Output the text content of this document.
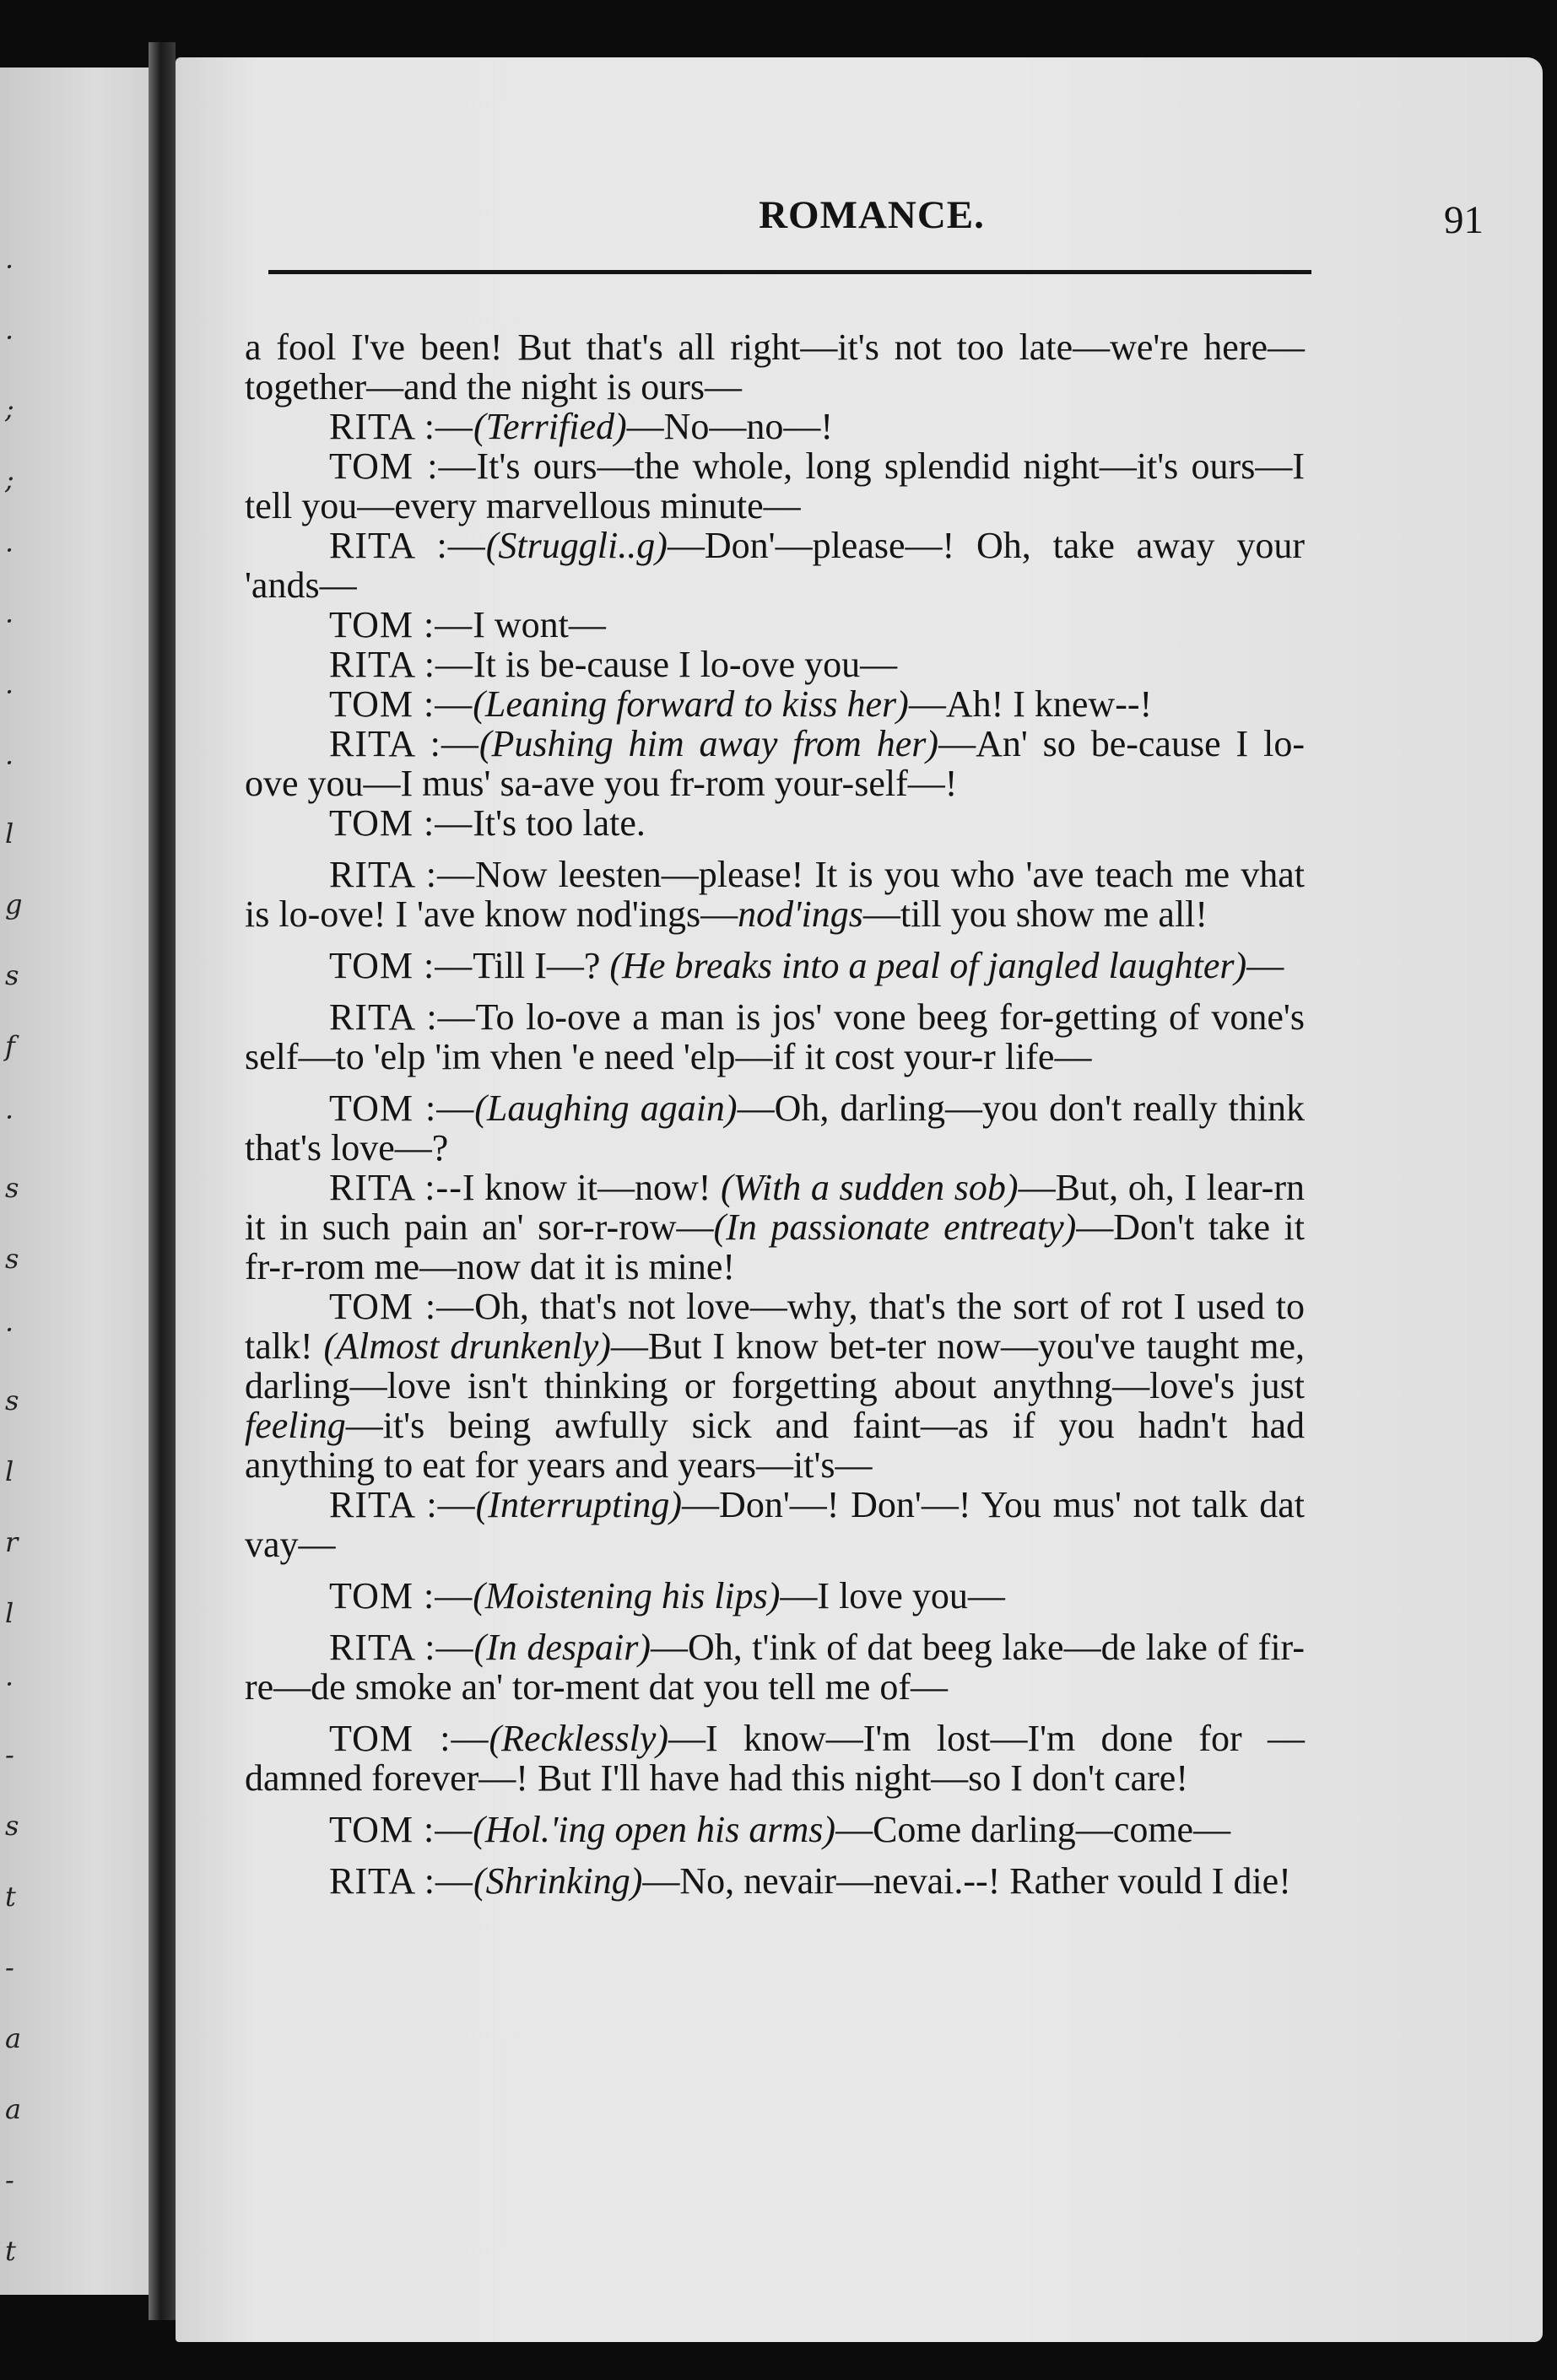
·
·
;
;
·
·
·
·
l
g
s
f
·
s
s
·
s
l
r
l
·
-
s
t
-
a
a
-
t
ROMANCE.	91

a fool I've been! But that's all right—it's not too late—we're here—together—and the night is ours—

RITA :—(Terrified)—No—no—!

TOM :—It's ours—the whole, long splendid night—it's ours—I tell you—every marvellous minute—

RITA :—(Struggli..g)—Don'—please—! Oh, take away your 'ands—

TOM :—I wont—

RITA :—It is be-cause I lo-ove you—

TOM :—(Leaning forward to kiss her)—Ah! I knew--!

RITA :—(Pushing him away from her)—An' so be-cause I lo-ove you—I mus' sa-ave you fr-rom your-self—!

TOM :—It's too late.

RITA :—Now leesten—please! It is you who 'ave teach me vhat is lo-ove! I 'ave know nod'ings—nod'ings—till you show me all!

TOM :—Till I—? (He breaks into a peal of jangled laughter)—

RITA :—To lo-ove a man is jos' vone beeg for-getting of vone's self—to 'elp 'im vhen 'e need 'elp—if it cost your-r life—

TOM :—(Laughing again)—Oh, darling—you don't really think that's love—?

RITA :--I know it—now! (With a sudden sob)—But, oh, I lear-rn it in such pain an' sor-r-row—(In passionate entreaty)—Don't take it fr-r-rom me—now dat it is mine!

TOM :—Oh, that's not love—why, that's the sort of rot I used to talk! (Almost drunkenly)—But I know bet-ter now—you've taught me, darling—love isn't thinking or forgetting about anythng—love's just feeling—it's being awfully sick and faint—as if you hadn't had anything to eat for years and years—it's—

RITA :—(Interrupting)—Don'—! Don'—! You mus' not talk dat vay—

TOM :—(Moistening his lips)—I love you—

RITA :—(In despair)—Oh, t'ink of dat beeg lake—de lake of fir-re—de smoke an' tor-ment dat you tell me of—

TOM :—(Recklessly)—I know—I'm lost—I'm done for —damned forever—! But I'll have had this night—so I don't care!

TOM :—(Hol.'ing open his arms)—Come darling—come—

RITA :—(Shrinking)—No, nevair—nevai.--! Rather vould I die!
